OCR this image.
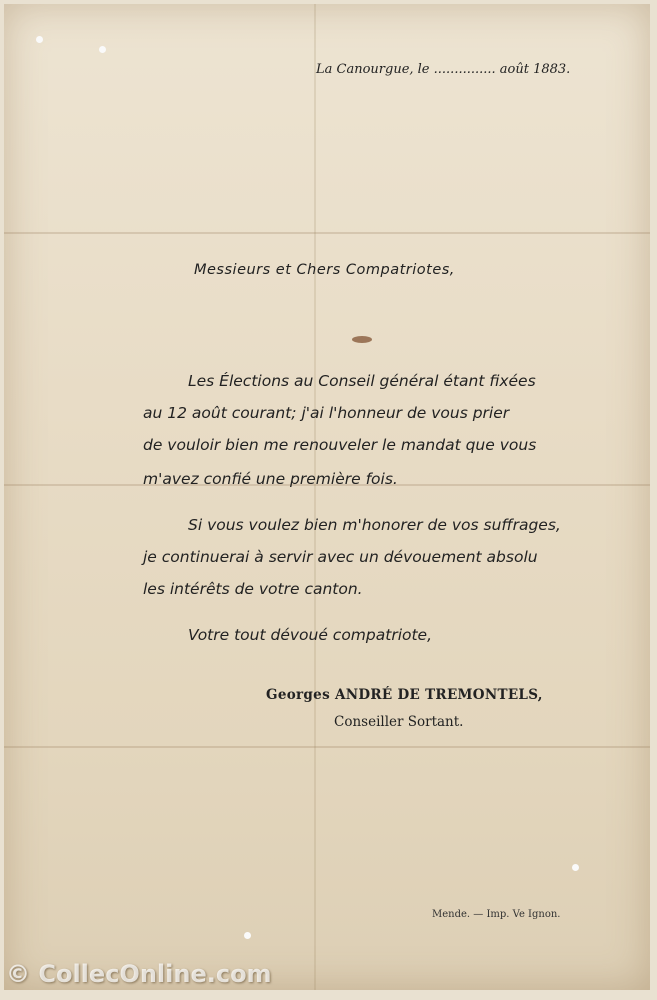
La Canourgue, le ............... août 1883.
Messieurs et Chers Compatriotes,
Les Élections au Conseil général étant fixées
au 12 août courant; j'ai l'honneur de vous prier
de vouloir bien me renouveler le mandat que vous
m'avez confié une première fois.
Si vous voulez bien m'honorer de vos suffrages,
je continuerai à servir avec un dévouement absolu
les intérêts de votre canton.
Votre tout dévoué compatriote,
Georges ANDRÉ DE TREMONTELS,
Conseiller Sortant.
Mende. — Imp. Ve Ignon.
© CollecOnline.com
